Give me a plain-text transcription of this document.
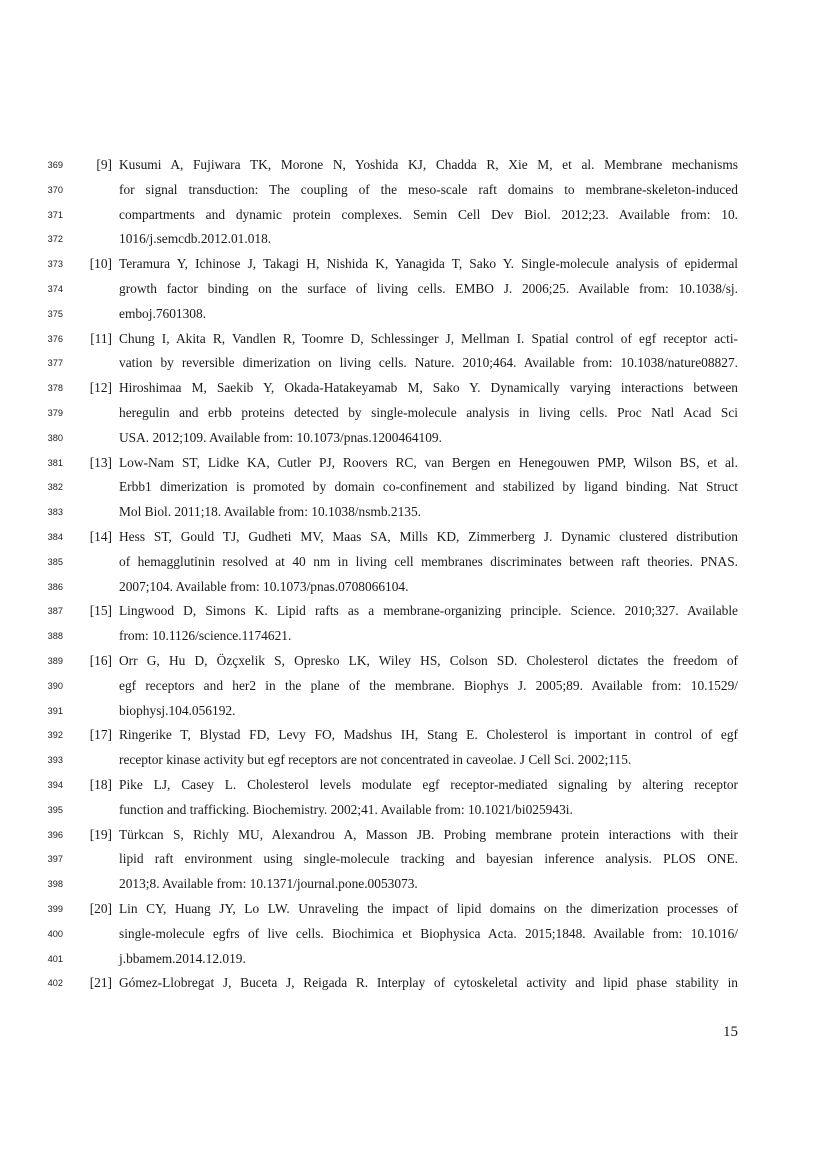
369	[9] Kusumi A, Fujiwara TK, Morone N, Yoshida KJ, Chadda R, Xie M, et al. Membrane mechanisms
370	for signal transduction: The coupling of the meso-scale raft domains to membrane-skeleton-induced
371	compartments and dynamic protein complexes. Semin Cell Dev Biol. 2012;23. Available from: 10.
372	1016/j.semcdb.2012.01.018.
373	[10] Teramura Y, Ichinose J, Takagi H, Nishida K, Yanagida T, Sako Y. Single-molecule analysis of epidermal
374	growth factor binding on the surface of living cells. EMBO J. 2006;25. Available from: 10.1038/sj.
375	emboj.7601308.
376	[11] Chung I, Akita R, Vandlen R, Toomre D, Schlessinger J, Mellman I. Spatial control of egf receptor acti-
377	vation by reversible dimerization on living cells. Nature. 2010;464. Available from: 10.1038/nature08827.
378	[12] Hiroshimaa M, Saekib Y, Okada-Hatakeyamab M, Sako Y. Dynamically varying interactions between
379	heregulin and erbb proteins detected by single-molecule analysis in living cells. Proc Natl Acad Sci
380	USA. 2012;109. Available from: 10.1073/pnas.1200464109.
381	[13] Low-Nam ST, Lidke KA, Cutler PJ, Roovers RC, van Bergen en Henegouwen PMP, Wilson BS, et al.
382	Erbb1 dimerization is promoted by domain co-confinement and stabilized by ligand binding. Nat Struct
383	Mol Biol. 2011;18. Available from: 10.1038/nsmb.2135.
384	[14] Hess ST, Gould TJ, Gudheti MV, Maas SA, Mills KD, Zimmerberg J. Dynamic clustered distribution
385	of hemagglutinin resolved at 40 nm in living cell membranes discriminates between raft theories. PNAS.
386	2007;104. Available from: 10.1073/pnas.0708066104.
387	[15] Lingwood D, Simons K. Lipid rafts as a membrane-organizing principle. Science. 2010;327. Available
388	from: 10.1126/science.1174621.
389	[16] Orr G, Hu D, Özçxelik S, Opresko LK, Wiley HS, Colson SD. Cholesterol dictates the freedom of
390	egf receptors and her2 in the plane of the membrane. Biophys J. 2005;89. Available from: 10.1529/
391	biophysj.104.056192.
392	[17] Ringerike T, Blystad FD, Levy FO, Madshus IH, Stang E. Cholesterol is important in control of egf
393	receptor kinase activity but egf receptors are not concentrated in caveolae. J Cell Sci. 2002;115.
394	[18] Pike LJ, Casey L. Cholesterol levels modulate egf receptor-mediated signaling by altering receptor
395	function and trafficking. Biochemistry. 2002;41. Available from: 10.1021/bi025943i.
396	[19] Türkcan S, Richly MU, Alexandrou A, Masson JB. Probing membrane protein interactions with their
397	lipid raft environment using single-molecule tracking and bayesian inference analysis. PLOS ONE.
398	2013;8. Available from: 10.1371/journal.pone.0053073.
399	[20] Lin CY, Huang JY, Lo LW. Unraveling the impact of lipid domains on the dimerization processes of
400	single-molecule egfrs of live cells. Biochimica et Biophysica Acta. 2015;1848. Available from: 10.1016/
401	j.bbamem.2014.12.019.
402	[21] Gómez-Llobregat J, Buceta J, Reigada R. Interplay of cytoskeletal activity and lipid phase stability in
15
